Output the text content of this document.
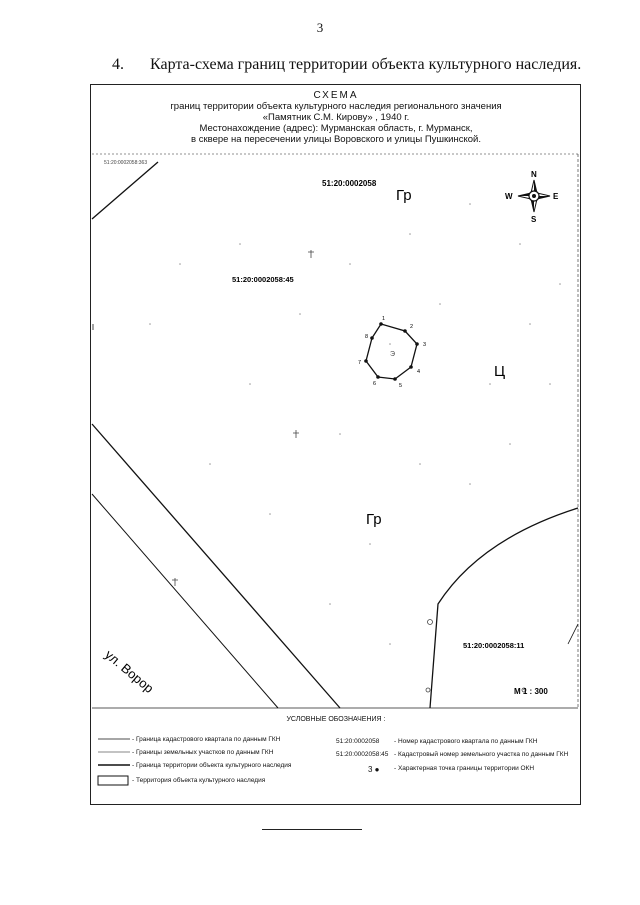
3
4. Карта-схема границ территории объекта культурного наследия.
51:20:0002058:363
51:20:0002058
51:20:0002058:45
51:20:0002058:11
Гр
Ц
Гр
N
S
W	E
1
2
3
4
5
6
7
8
Э
ул. Ворор	М 1 : 300
СХЕМА
границ территории объекта культурного наследия регионального значения
«Памятник С.М. Кирову» , 1940 г.
Местонахождение (адрес): Мурманская область, г. Мурманск,
в сквере на пересечении улицы Воровского и улицы Пушкинской.
УСЛОВНЫЕ ОБОЗНАЧЕНИЯ :
- Граница кадастрового квартала по данным ГКН
- Границы земельных участков по данным ГКН
- Граница территории объекта культурного наследия
- Территория объекта культурного наследия
51:20:0002058 - Номер кадастрового квартала по данным ГКН
51:20:0002058:45 - Кадастровый номер земельного участка по данным ГКН
3 ● - Характерная точка границы территории ОКН
